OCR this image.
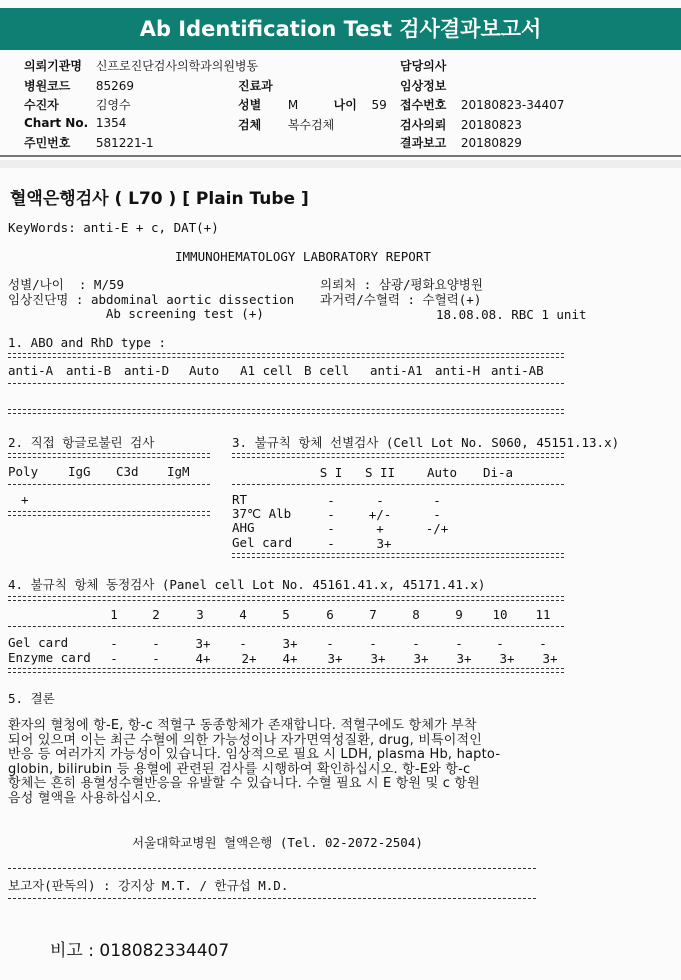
Ab Identification Test 검사결과보고서
의뢰기관명 신프로진단검사의학과의원병동
병원코드 85269
수진자	김영수
Chart No. 1354
주민번호 581221-1
진료과
성별 M	나이 59
검체 복수검체
담당의사
임상정보
접수번호 20180823-34407
검사의뢰 20180823
결과보고 20180829
혈액은행검사 ( L70 ) [ Plain Tube ]
KeyWords: anti-E + c, DAT(+)
IMMUNOHEMATOLOGY LABORATORY REPORT
성별/나이  : M/59
임상진단명 : abdominal aortic dissection
Ab screening test (+)
의뢰처 : 삼광/평화요양병원
과거력/수혈력 : 수혈력(+)
18.08.08. RBC 1 unit
1. ABO and RhD type :
anti-A anti-B anti-D Auto A1 cell B cell anti-A1 anti-H anti-AB
2. 직접 항글로불린 검사
Poly IgG C3d IgM
+
3. 불규칙 항체 선별검사 (Cell Lot No. S060, 45151.13.x)
S I	S II	Auto Di-a
RT	-	-	-
37℃ Alb	-	+/-	-
AHG	-	+	-/+
Gel card	-	3+
4. 불규칙 항체 동정검사 (Panel cell Lot No. 45161.41.x, 45171.41.x)
1	2	3	4	5	6	7	8	9	10	11
Gel card	-	-	3+	-	3+	-	-	-	-	-	-
Enzyme card	-	-	4+	2+	4+	3+	3+	3+	3+	3+	3+
5. 결론
환자의 혈청에 항-E, 항-c 적혈구 동종항체가 존재합니다. 적혈구에도 항체가 부착
되어 있으며 이는 최근 수혈에 의한 가능성이나 자가면역성질환, drug, 비특이적인
반응 등 여러가지 가능성이 있습니다. 임상적으로 필요 시 LDH, plasma Hb, hapto-
globin, bilirubin 등 용혈에 관련된 검사를 시행하여 확인하십시오. 항-E와 항-c
항체는 흔히 용혈성수혈반응을 유발할 수 있습니다. 수혈 필요 시 E 항원 및 c 항원
음성 혈액을 사용하십시오.
서울대학교병원 혈액은행 (Tel. 02-2072-2504)
보고자(판독의) : 강지상 M.T. / 한규섭 M.D.
비고 : 018082334407
